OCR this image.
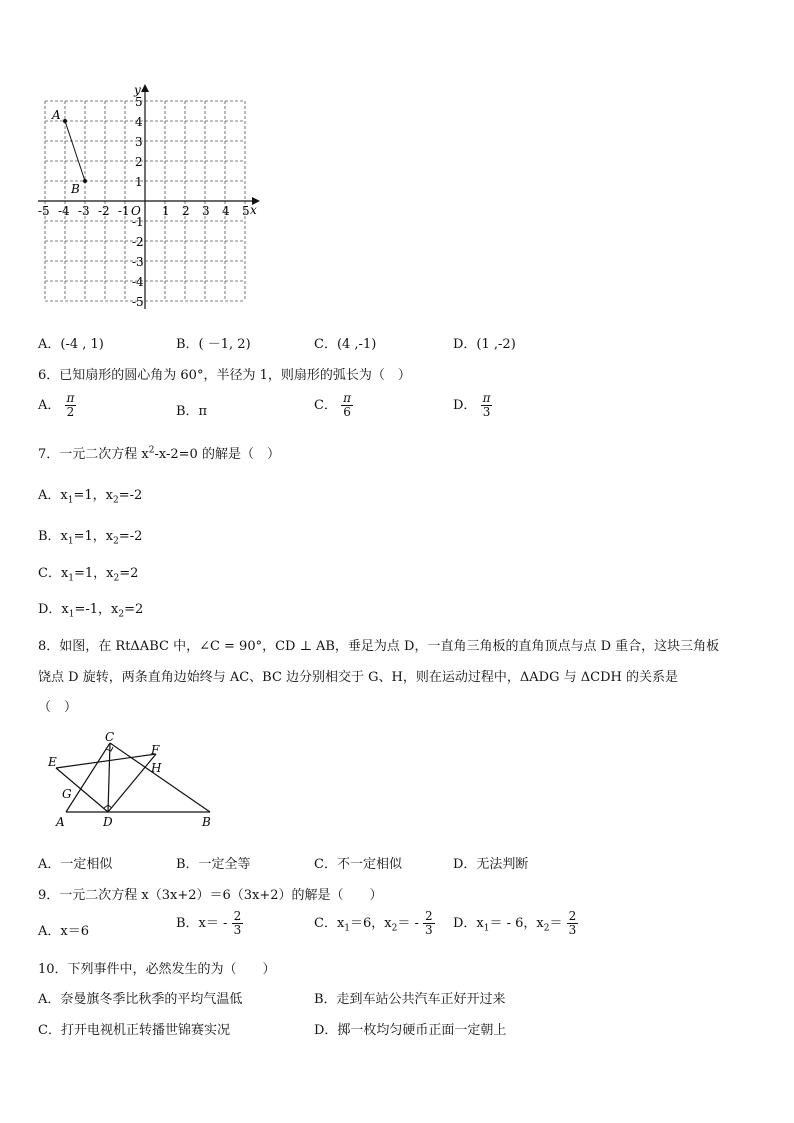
y
x
O
-5 -4 -3 -2 -1	1 2 3 4 5
5
4
3
2
1
-1
-2
-3
-4
-5
A
B
A．(-4 , 1)	B．( －1, 2)	C．(4 ,-1)	D．(1 ,-2)
6．已知扇形的圆心角为 60°，半径为 1，则扇形的弧长为（　）
A． $\frac{\pi}{2}$	B．π	C． $\frac{\pi}{6}$	D． $\frac{\pi}{3}$
7．一元二次方程 $x^2-x-2=0$ 的解是（　）
A．$x_1=1$，$x_2=-2$
B．$x_1=1$，$x_2=-2$
C．$x_1=1$，$x_2=2$
D．$x_1=-1$，$x_2=2$
8．如图，在 RtΔABC 中，∠C = 90°，CD ⊥ AB，垂足为点 D，一直角三角板的直角顶点与点 D 重合，这块三角板
饶点 D 旋转，两条直角边始终与 AC、BC 边分别相交于 G、H，则在运动过程中，ΔADG 与 ΔCDH 的关系是
（　）
C
E
F
H
G
A	D	B
A．一定相似	B．一定全等	C．不一定相似	D．无法判断
9．一元二次方程 x（3x+2）＝6（3x+2）的解是（　　）
A．x＝6
B．$x= - \frac{2}{3}$	C．$x_1=6$，$x_2= - \frac{2}{3}$ D．$x_1= - 6$，$x_2= \frac{2}{3}$
10．下列事件中，必然发生的为（　　）
A．奈曼旗冬季比秋季的平均气温低	B．走到车站公共汽车正好开过来
C．打开电视机正转播世锦赛实况	D．掷一枚均匀硬币正面一定朝上
